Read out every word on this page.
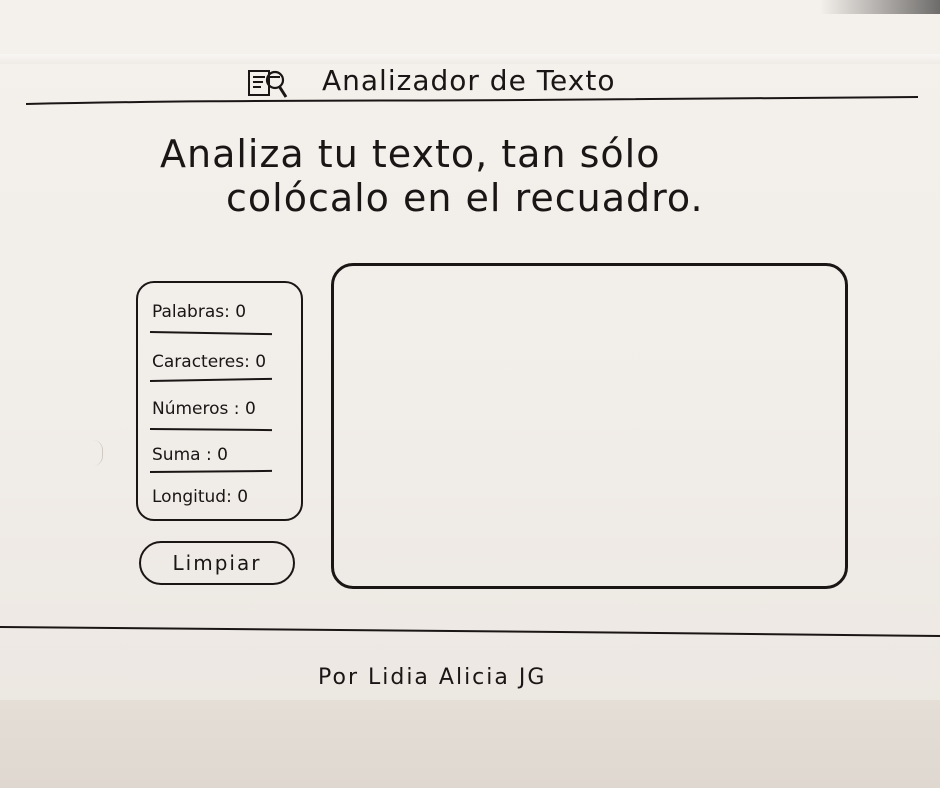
Analizador de Texto
Analiza tu texto, tan sólo
colócalo en el recuadro.
Palabras: 0
Caracteres: 0
Números : 0
Suma : 0
Longitud: 0
Limpiar
Por Lidia Alicia JG
